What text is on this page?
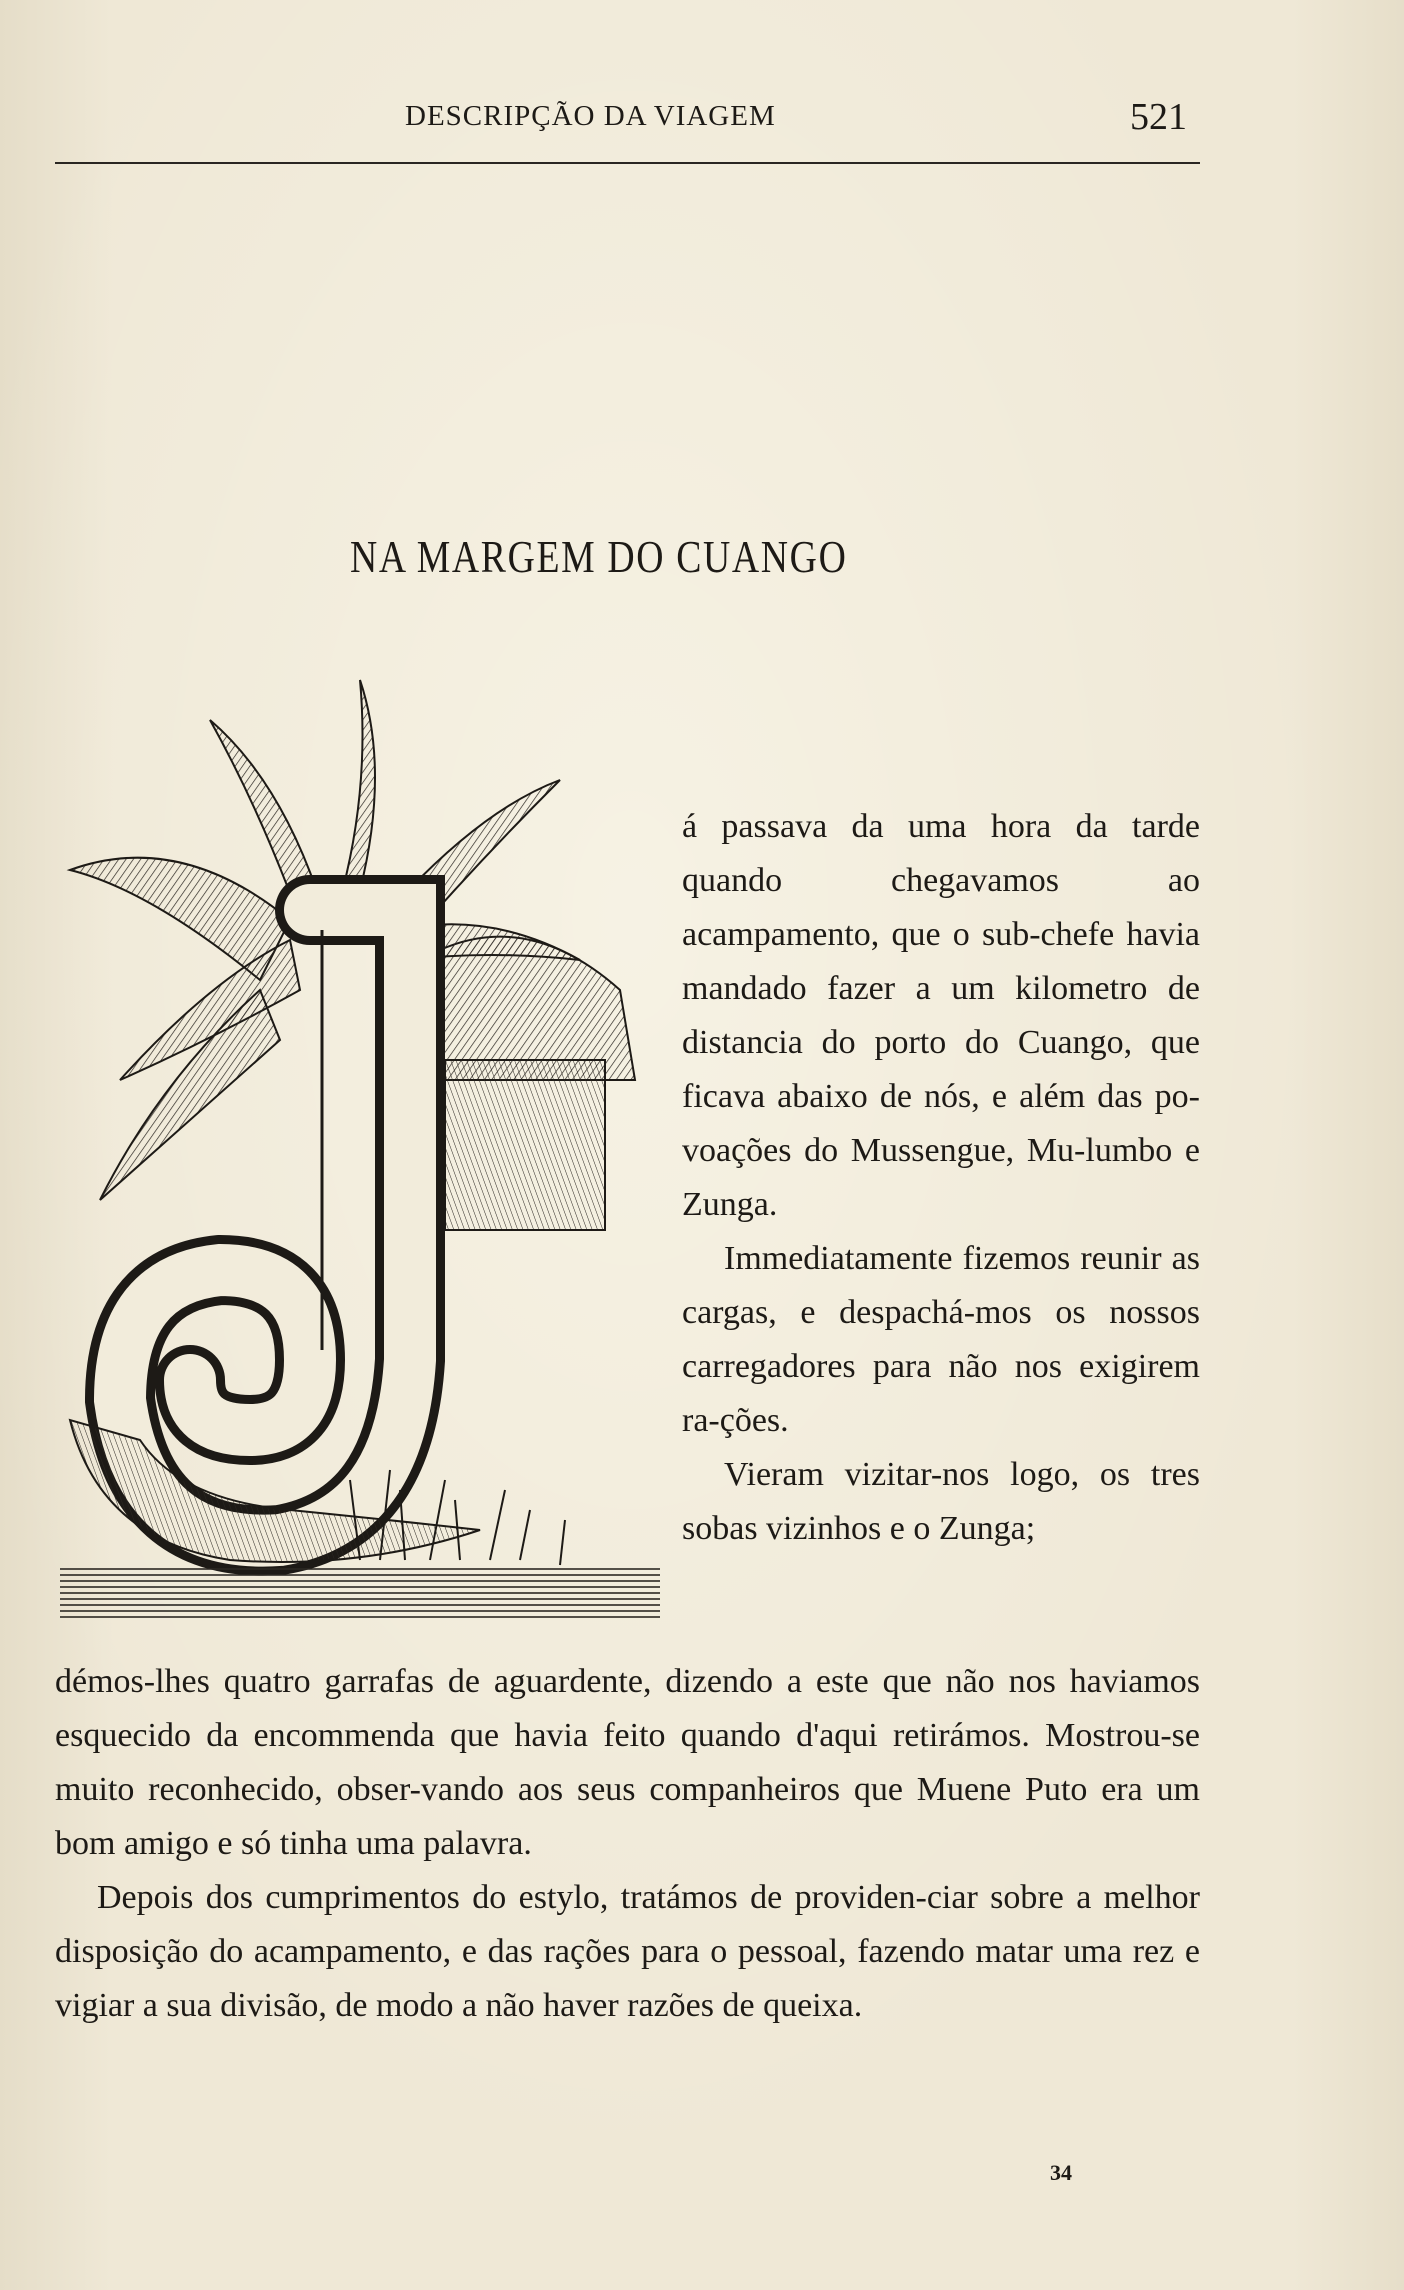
DESCRIPÇÃO DA VIAGEM	521
NA MARGEM DO CUANGO

á passava da uma hora da tarde quando chegavamos ao acampamento, que o sub-chefe havia mandado fazer a um kilometro de distancia do porto do Cuango, que ficava abaixo de nós, e além das po-voações do Mussengue, Mu-lumbo e Zunga.

Immediatamente fizemos reunir as cargas, e despachá-mos os nossos carregadores para não nos exigirem ra-ções.

Vieram vizitar-nos logo, os tres sobas vizinhos e o Zunga;

démos-lhes quatro garrafas de aguardente, dizendo a este que não nos haviamos esquecido da encommenda que havia feito quando d'aqui retirámos. Mostrou-se muito reconhecido, obser-vando aos seus companheiros que Muene Puto era um bom amigo e só tinha uma palavra.

Depois dos cumprimentos do estylo, tratámos de providen-ciar sobre a melhor disposição do acampamento, e das rações para o pessoal, fazendo matar uma rez e vigiar a sua divisão, de modo a não haver razões de queixa.

34
